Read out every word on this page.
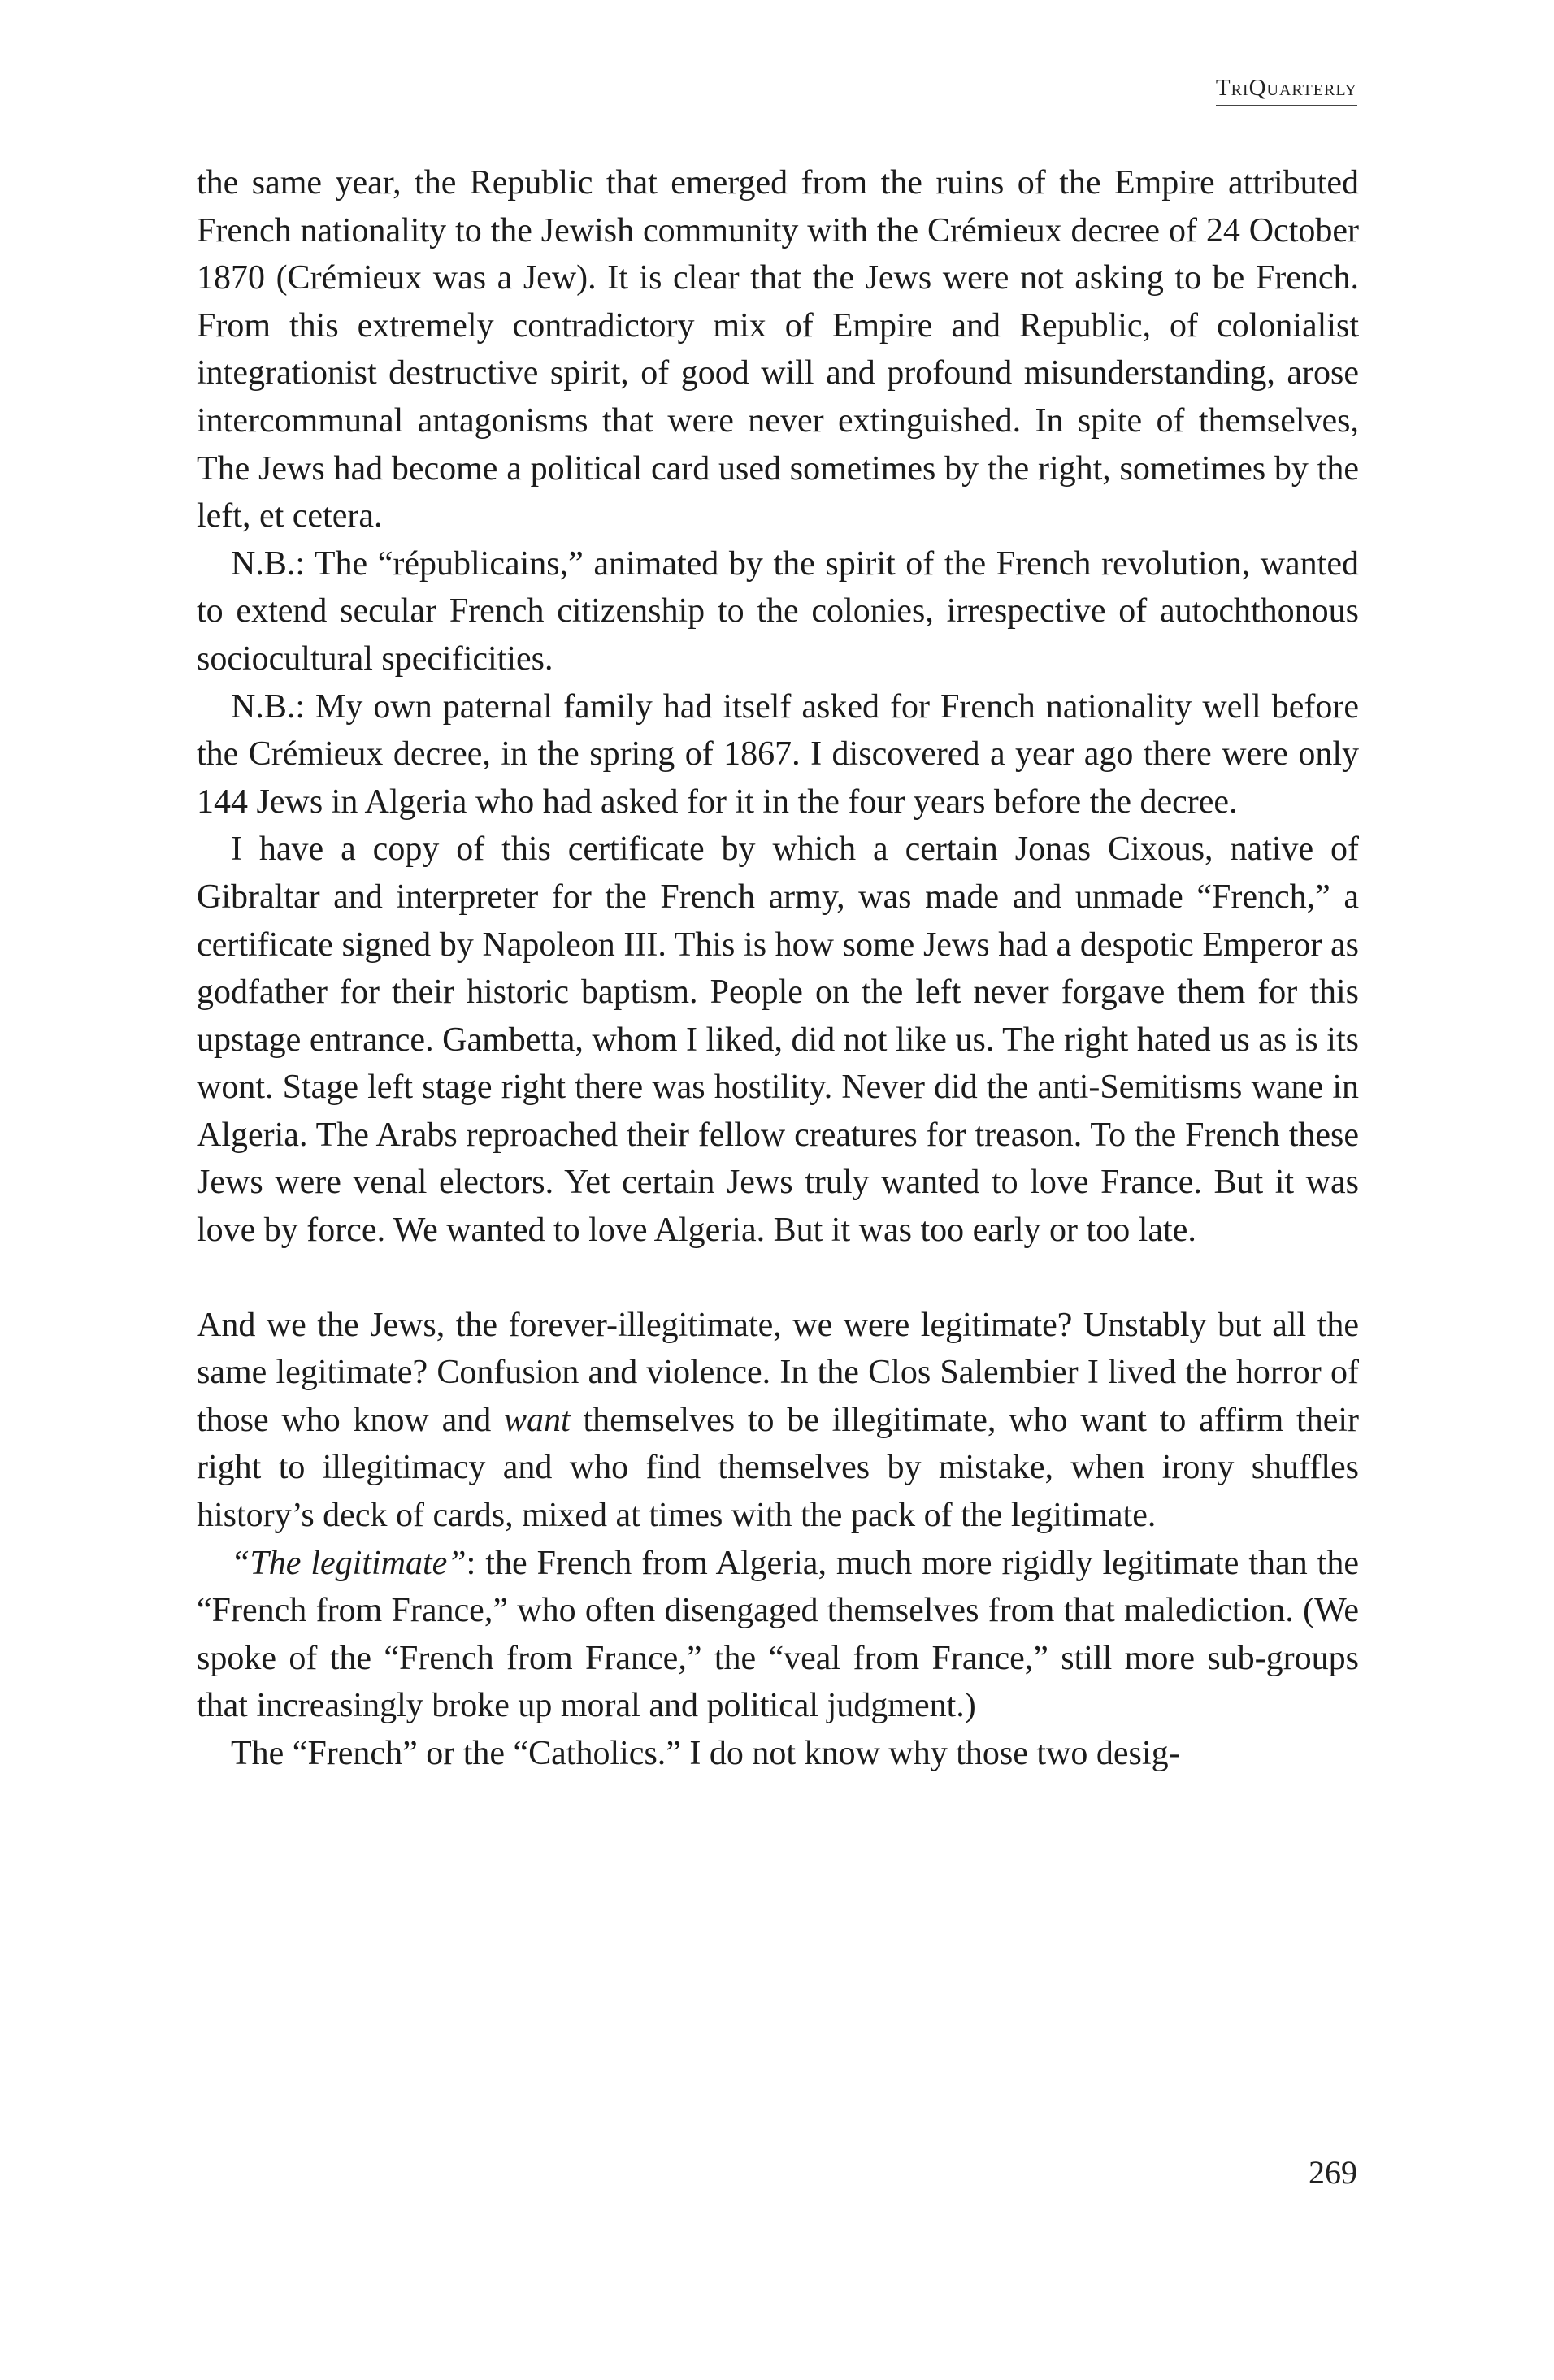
TriQuarterly

the same year, the Republic that emerged from the ruins of the Empire attributed French nationality to the Jewish community with the Crémieux decree of 24 October 1870 (Crémieux was a Jew). It is clear that the Jews were not asking to be French. From this extremely contradictory mix of Empire and Republic, of colonialist integrationist destructive spirit, of good will and profound misunderstanding, arose intercommunal antagonisms that were never extinguished. In spite of themselves, The Jews had become a political card used sometimes by the right, sometimes by the left, et cetera.

N.B.: The “républicains,” animated by the spirit of the French revolution, wanted to extend secular French citizenship to the colonies, irrespective of autochthonous sociocultural specificities.

N.B.: My own paternal family had itself asked for French nationality well before the Crémieux decree, in the spring of 1867. I discovered a year ago there were only 144 Jews in Algeria who had asked for it in the four years before the decree.

I have a copy of this certificate by which a certain Jonas Cixous, native of Gibraltar and interpreter for the French army, was made and unmade “French,” a certificate signed by Napoleon III. This is how some Jews had a despotic Emperor as godfather for their historic baptism. People on the left never forgave them for this upstage entrance. Gambetta, whom I liked, did not like us. The right hated us as is its wont. Stage left stage right there was hostility. Never did the anti-Semitisms wane in Algeria. The Arabs reproached their fellow creatures for treason. To the French these Jews were venal electors. Yet certain Jews truly wanted to love France. But it was love by force. We wanted to love Algeria. But it was too early or too late.

And we the Jews, the forever-illegitimate, we were legitimate? Unstably but all the same legitimate? Confusion and violence. In the Clos Salembier I lived the horror of those who know and want themselves to be illegitimate, who want to affirm their right to illegitimacy and who find themselves by mistake, when irony shuffles history’s deck of cards, mixed at times with the pack of the legitimate.

“The legitimate”: the French from Algeria, much more rigidly legitimate than the “French from France,” who often disengaged themselves from that malediction. (We spoke of the “French from France,” the “veal from France,” still more sub-groups that increasingly broke up moral and political judgment.)

The “French” or the “Catholics.” I do not know why those two desig-

269
